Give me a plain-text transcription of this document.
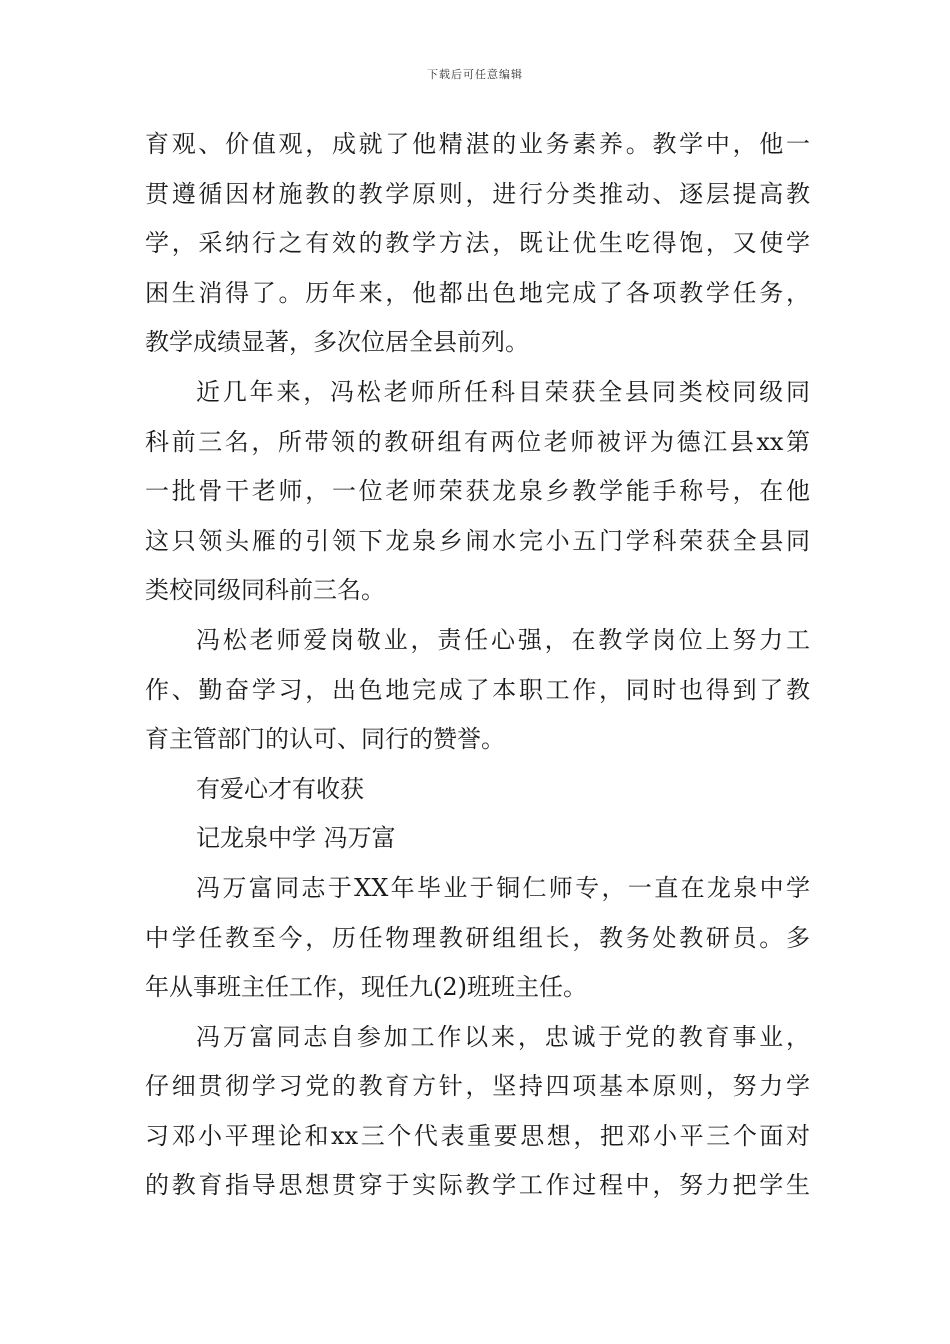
下载后可任意编辑
育观、价值观，成就了他精湛的业务素养。教学中，他一
贯遵循因材施教的教学原则，进行分类推动、逐层提高教
学，采纳行之有效的教学方法，既让优生吃得饱，又使学
困生消得了。历年来，他都出色地完成了各项教学任务，
教学成绩显著，多次位居全县前列。
近几年来，冯松老师所任科目荣获全县同类校同级同
科前三名，所带领的教研组有两位老师被评为德江县xx第
一批骨干老师，一位老师荣获龙泉乡教学能手称号，在他
这只领头雁的引领下龙泉乡闹水完小五门学科荣获全县同
类校同级同科前三名。
冯松老师爱岗敬业，责任心强，在教学岗位上努力工
作、勤奋学习，出色地完成了本职工作，同时也得到了教
育主管部门的认可、同行的赞誉。
有爱心才有收获
记龙泉中学 冯万富
冯万富同志于XX年毕业于铜仁师专，一直在龙泉中学
中学任教至今，历任物理教研组组长，教务处教研员。多
年从事班主任工作，现任九(2)班班主任。
冯万富同志自参加工作以来，忠诚于党的教育事业，
仔细贯彻学习党的教育方针，坚持四项基本原则，努力学
习邓小平理论和xx三个代表重要思想，把邓小平三个面对
的教育指导思想贯穿于实际教学工作过程中，努力把学生
